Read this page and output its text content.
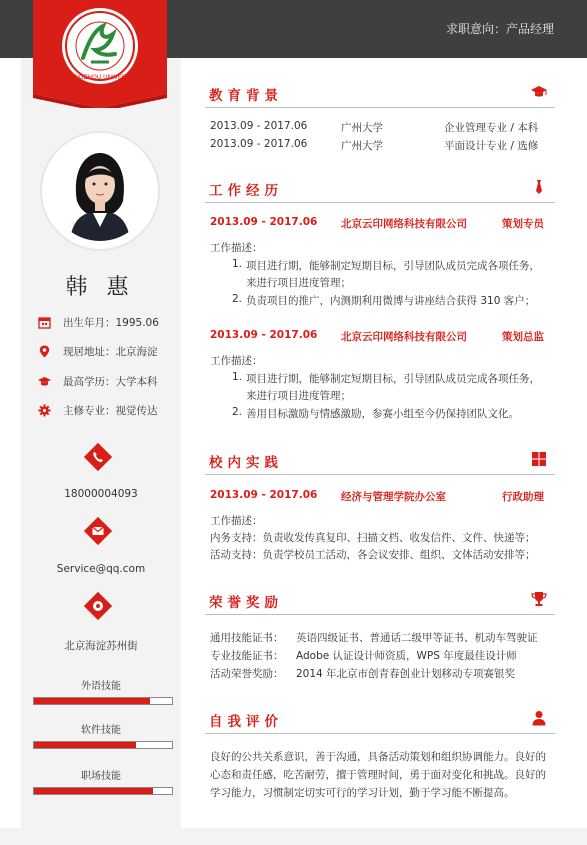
求职意向：产品经理
GUANGZHOU UNIVERSITY
韩 惠
出生年月：1995.06
现居地址：北京海淀
最高学历：大学本科
主修专业：视觉传达
18000004093
Service@qq.com
北京海淀苏州街
外语技能
软件技能
职场技能
教育背景
2013.09 - 2017.06	广州大学	企业管理专业 / 本科
2013.09 - 2017.06	广州大学	平面设计专业 / 选修
工作经历
2013.09 - 2017.06 北京云印网络科技有限公司	策划专员
工作描述：
1. 项目进行期，能够制定短期目标，引导团队成员完成各项任务，
来进行项目进度管理；
2. 负责项目的推广，内测期利用微博与讲座结合获得 310 客户；
2013.09 - 2017.06 北京云印网络科技有限公司	策划总监
工作描述：
1. 项目进行期，能够制定短期目标，引导团队成员完成各项任务，
来进行项目进度管理；
2. 善用目标激励与情感激励，参赛小组至今仍保持团队文化。
校内实践
2013.09 - 2017.06 经济与管理学院办公室	行政助理
工作描述：
内务支持：负责收发传真复印、扫描文档、收发信件、文件、快递等；
活动支持：负责学校员工活动，各会议安排、组织、文体活动安排等；
荣誉奖励
通用技能证书： 英语四级证书、普通话二级甲等证书、机动车驾驶证
专业技能证书： Adobe 认证设计师资质，WPS 年度最佳设计师
活动荣誉奖励： 2014 年北京市创青春创业计划移动专项赛银奖
自我评价
良好的公共关系意识，善于沟通，具备活动策划和组织协调能力。良好的
心态和责任感，吃苦耐劳，擅于管理时间，勇于面对变化和挑战。良好的
学习能力，习惯制定切实可行的学习计划，勤于学习能不断提高。
